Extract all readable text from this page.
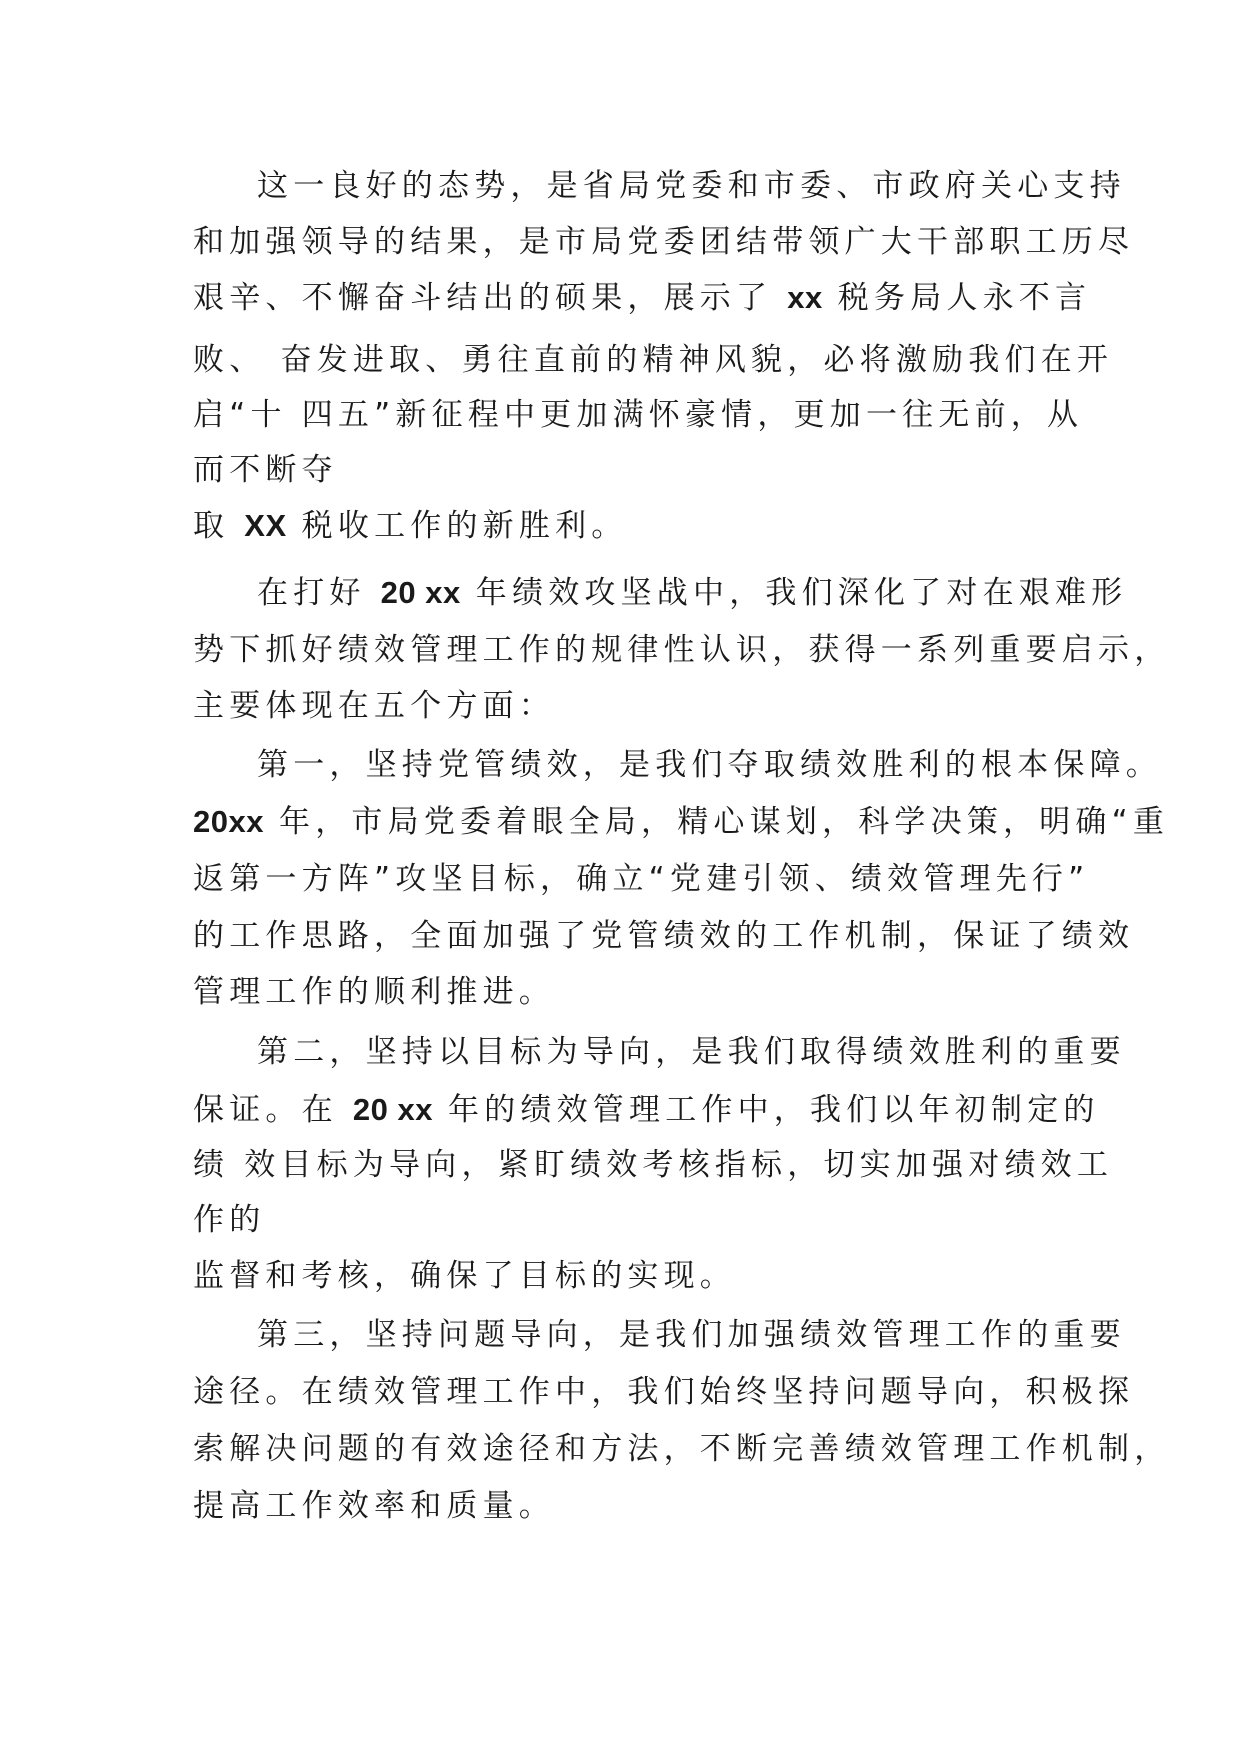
这一良好的态势，是省局党委和市委、市政府关心支持
和加强领导的结果，是市局党委团结带领广大干部职工历尽
艰辛、不懈奋斗结出的硕果，展示了 xx 税务局人永不言
败、 奋发进取、勇往直前的精神风貌，必将激励我们在开
启“十 四五”新征程中更加满怀豪情，更加一往无前，从
而不断夺
取 XX 税收工作的新胜利。
在打好 20 xx 年绩效攻坚战中，我们深化了对在艰难形
势下抓好绩效管理工作的规律性认识，获得一系列重要启示，
主要体现在五个方面：
第一，坚持党管绩效，是我们夺取绩效胜利的根本保障。
20xx 年，市局党委着眼全局，精心谋划，科学决策，明确“重
返第一方阵”攻坚目标，确立“党建引领、绩效管理先行”
的工作思路，全面加强了党管绩效的工作机制，保证了绩效
管理工作的顺利推进。
第二，坚持以目标为导向，是我们取得绩效胜利的重要
保证。在 20 xx 年的绩效管理工作中，我们以年初制定的
绩 效目标为导向，紧盯绩效考核指标，切实加强对绩效工
作的
监督和考核，确保了目标的实现。
第三，坚持问题导向，是我们加强绩效管理工作的重要
途径。在绩效管理工作中，我们始终坚持问题导向，积极探
索解决问题的有效途径和方法，不断完善绩效管理工作机制，
提高工作效率和质量。
